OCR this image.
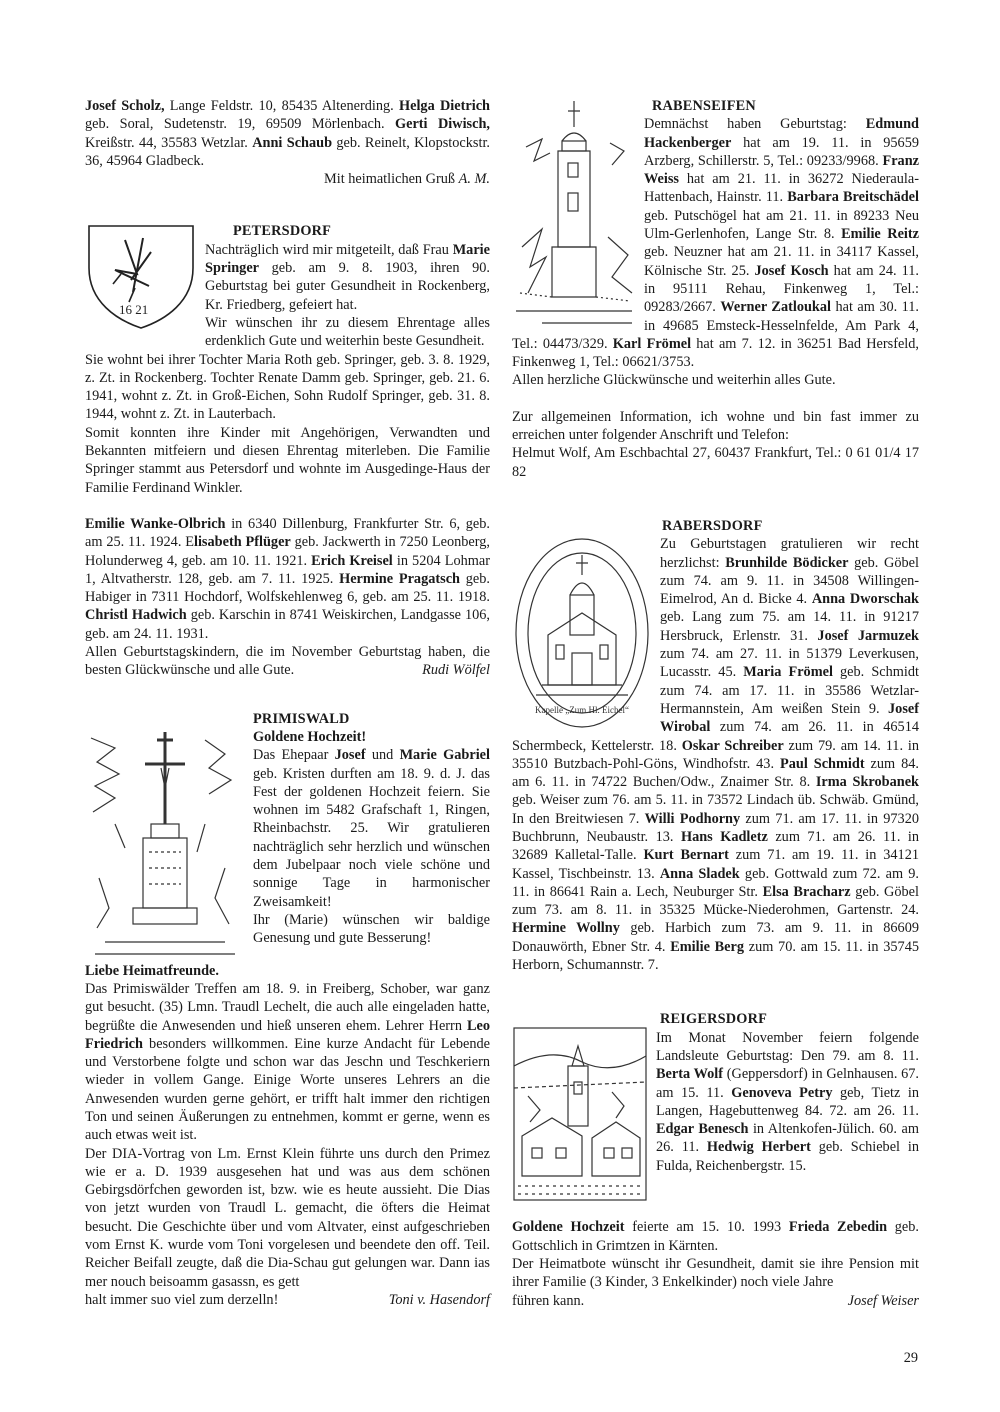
Josef Scholz, Lange Feldstr. 10, 85435 Altenerding. Helga Dietrich geb. Soral, Sudetenstr. 19, 69509 Mörlenbach. Gerti Diwisch, Kreißstr. 44, 35583 Wetzlar. Anni Schaub geb. Reinelt, Klopstockstr. 36, 45964 Gladbeck.

Mit heimatlichen Gruß A. M.

16 21
PETERSDORF

Nachträglich wird mir mitgeteilt, daß Frau Marie Springer geb. am 9. 8. 1903, ihren 90. Geburtstag bei guter Gesundheit in Rockenberg, Kr. Friedberg, gefeiert hat.

Wir wünschen ihr zu diesem Ehrentage alles erdenklich Gute und weiterhin beste Gesundheit.

Sie wohnt bei ihrer Tochter Maria Roth geb. Springer, geb. 3. 8. 1929, z. Zt. in Rockenberg. Tochter Renate Damm geb. Springer, geb. 21. 6. 1941, wohnt z. Zt. in Groß-Eichen, Sohn Rudolf Springer, geb. 31. 8. 1944, wohnt z. Zt. in Lauterbach.

Somit konnten ihre Kinder mit Angehörigen, Verwandten und Bekannten mitfeiern und diesen Ehrentag miterleben. Die Familie Springer stammt aus Petersdorf und wohnte im Ausgedinge-Haus der Familie Ferdinand Winkler.

Emilie Wanke-Olbrich in 6340 Dillenburg, Frankfurter Str. 6, geb. am 25. 11. 1924. Elisabeth Pflüger geb. Jackwerth in 7250 Leonberg, Holunderweg 4, geb. am 10. 11. 1921. Erich Kreisel in 5204 Lohmar 1, Altvatherstr. 128, geb. am 7. 11. 1925. Hermine Pragatsch geb. Habiger in 7311 Hochdorf, Wolfskehlenweg 6, geb. am 25. 11. 1918. Christl Hadwich geb. Karschin in 8741 Weiskirchen, Landgasse 106, geb. am 24. 11. 1931.

Allen Geburtstagskindern, die im November Geburtstag haben, die besten Glückwünsche und alle Gute.	Rudi Wölfel

PRIMISWALD
Goldene Hochzeit!

Das Ehepaar Josef und Marie Gabriel geb. Kristen durften am 18. 9. d. J. das Fest der goldenen Hochzeit feiern. Sie wohnen im 5482 Grafschaft 1, Ringen, Rheinbachstr. 25. Wir gratulieren nachträglich sehr herzlich und wünschen dem Jubelpaar noch viele schöne und sonnige Tage in harmonischer Zweisamkeit!

Ihr (Marie) wünschen wir baldige Genesung und gute Besserung!

Liebe Heimatfreunde.

Das Primiswälder Treffen am 18. 9. in Freiberg, Schober, war ganz gut besucht. (35) Lmn. Traudl Lechelt, die auch alle eingeladen hatte, begrüßte die Anwesenden und hieß unseren ehem. Lehrer Herrn Leo Friedrich besonders willkommen. Eine kurze Andacht für Lebende und Verstorbene folgte und schon war das Jeschn und Teschkeriern wieder in vollem Gange. Einige Worte unseres Lehrers an die Anwesenden wurden gerne gehört, er trifft halt immer den richtigen Ton und seinen Äußerungen zu entnehmen, kommt er gerne, wenn es auch etwas weit ist.

Der DIA-Vortrag von Lm. Ernst Klein führte uns durch den Primez wie er a. D. 1939 ausgesehen hat und was aus dem schönen Gebirgsdörfchen geworden ist, bzw. wie es heute aussieht. Die Dias von jetzt wurden von Traudl L. gemacht, die öfters die Heimat besucht. Die Geschichte über und vom Altvater, einst aufgeschrieben vom Ernst K. wurde vom Toni vorgelesen und beendete den off. Teil. Reicher Beifall zeugte, daß die Dia-Schau gut gelungen war. Dann ias mer nouch beisoamm gasassn, es gett

halt immer suo viel zum derzelln!	Toni v. Hasendorf
RABENSEIFEN

Demnächst haben Geburtstag: Edmund Hackenberger hat am 19. 11. in 95659 Arzberg, Schillerstr. 5, Tel.: 09233/9968. Franz Weiss hat am 21. 11. in 36272 Niederaula-Hattenbach, Hainstr. 11. Barbara Breitschädel geb. Putschögel hat am 21. 11. in 89233 Neu Ulm-Gerlenhofen, Lange Str. 8. Emilie Reitz geb. Neuzner hat am 21. 11. in 34117 Kassel, Kölnische Str. 25. Josef Kosch hat am 24. 11. in 95111 Rehau, Finkenweg 1, Tel.: 09283/2667. Werner Zatloukal hat am 30. 11. in 49685 Emsteck-Hesselnfelde, Am Park 4, Tel.: 04473/329. Karl Frömel hat am 7. 12. in 36251 Bad Hersfeld, Finkenweg 1, Tel.: 06621/3753.

Allen herzliche Glückwünsche und weiterhin alles Gute.

Zur allgemeinen Information, ich wohne und bin fast immer zu erreichen unter folgender Anschrift und Telefon:

Helmut Wolf, Am Eschbachtal 27, 60437 Frankfurt, Tel.: 0 61 01/4 17 82

Kapelle „Zum Hl. Eichel“
RABERSDORF

Zu Geburtstagen gratulieren wir recht herzlichst: Brunhilde Bödicker geb. Göbel zum 74. am 9. 11. in 34508 Willingen-Eimelrod, An d. Bicke 4. Anna Dworschak geb. Lang zum 75. am 14. 11. in 91217 Hersbruck, Erlenstr. 31. Josef Jarmuzek zum 74. am 27. 11. in 51379 Leverkusen, Lucasstr. 45. Maria Frömel geb. Schmidt zum 74. am 17. 11. in 35586 Wetzlar-Hermannstein, Am weißen Stein 9. Josef Wirobal zum 74. am 26. 11. in 46514 Schermbeck, Kettelerstr. 18. Oskar Schreiber zum 79. am 14. 11. in 35510 Butzbach-Pohl-Göns, Windhofstr. 43. Paul Schmidt zum 84. am 6. 11. in 74722 Buchen/Odw., Znaimer Str. 8. Irma Skrobanek geb. Weiser zum 76. am 5. 11. in 73572 Lindach üb. Schwäb. Gmünd, In den Breitwiesen 7. Willi Podhorny zum 71. am 17. 11. in 97320 Buchbrunn, Neubaustr. 13. Hans Kadletz zum 71. am 26. 11. in 32689 Kalletal-Talle. Kurt Bernart zum 71. am 19. 11. in 34121 Kassel, Tischbeinstr. 13. Anna Sladek geb. Gottwald zum 72. am 9. 11. in 86641 Rain a. Lech, Neuburger Str. Elsa Bracharz geb. Göbel zum 73. am 8. 11. in 35325 Mücke-Niederohmen, Gartenstr. 24. Hermine Wollny geb. Harbich zum 73. am 9. 11. in 86609 Donauwörth, Ebner Str. 4. Emilie Berg zum 70. am 15. 11. in 35745 Herborn, Schumannstr. 7.

REIGERSDORF

Im Monat November feiern folgende Landsleute Geburtstag: Den 79. am 8. 11. Berta Wolf (Geppersdorf) in Gelnhausen. 67. am 15. 11. Genoveva Petry geb, Tietz in Langen, Hagebuttenweg 84. 72. am 26. 11. Edgar Benesch in Altenkofen-Jülich. 60. am 26. 11. Hedwig Herbert geb. Schiebel in Fulda, Reichenbergstr. 15.

Goldene Hochzeit feierte am 15. 10. 1993 Frieda Zebedin geb. Gottschlich in Grimtzen in Kärnten.

Der Heimatbote wünscht ihr Gesundheit, damit sie ihre Pension mit ihrer Familie (3 Kinder, 3 Enkelkinder) noch viele Jahre

führen kann.	Josef Weiser
29
